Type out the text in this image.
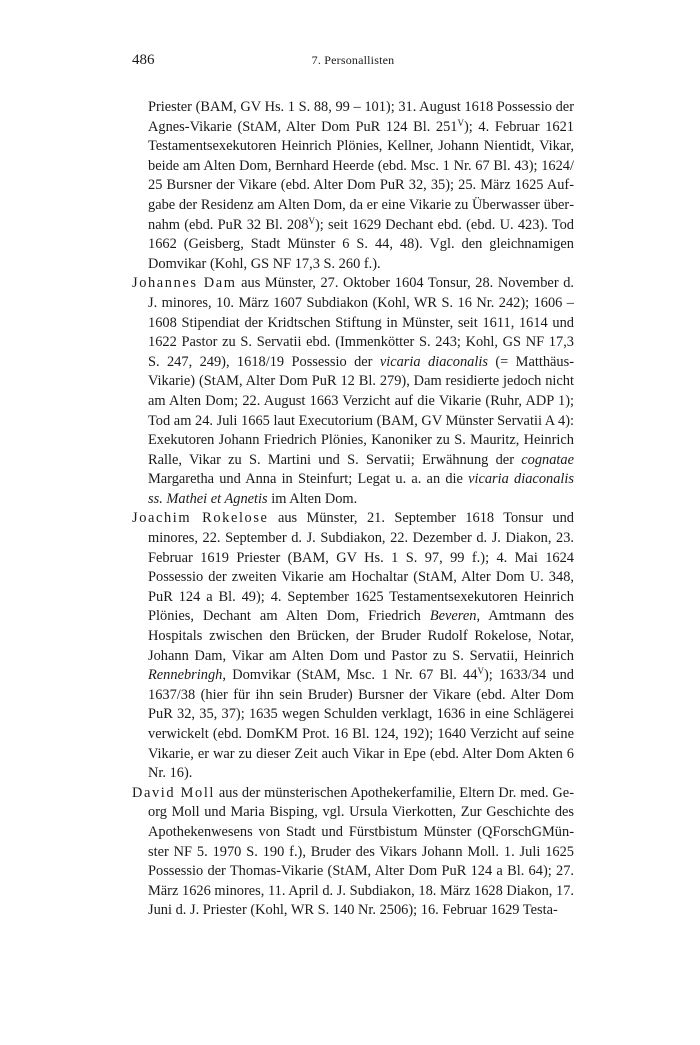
486	7. Personallisten

Priester (BAM, GV Hs. 1 S. 88, 99 – 101); 31. August 1618 Possessio der Agnes-Vikarie (StAM, Alter Dom PuR 124 Bl. $251^V$); 4. Februar 1621 Testamentsexekutoren Heinrich Plönies, Kellner, Johann Nientidt, Vikar, beide am Alten Dom, Bernhard Heerde (ebd. Msc. 1 Nr. 67 Bl. 43); 1624/ 25 Bursner der Vikare (ebd. Alter Dom PuR 32, 35); 25. März 1625 Aufgabe der Residenz am Alten Dom, da er eine Vikarie zu Überwasser übernahm (ebd. PuR 32 Bl. $208^V$); seit 1629 Dechant ebd. (ebd. U. 423). Tod 1662 (Geisberg, Stadt Münster 6 S. 44, 48). Vgl. den gleichnamigen Domvikar (Kohl, GS NF 17,3 S. 260 f.).

Johannes Dam aus Münster, 27. Oktober 1604 Tonsur, 28. November d. J. minores, 10. März 1607 Subdiakon (Kohl, WR S. 16 Nr. 242); 1606 – 1608 Stipendiat der Kridtschen Stiftung in Münster, seit 1611, 1614 und 1622 Pastor zu S. Servatii ebd. (Immenkötter S. 243; Kohl, GS NF 17,3 S. 247, 249), 1618/19 Possessio der vicaria diaconalis (= Matthäus-Vikarie) (StAM, Alter Dom PuR 12 Bl. 279), Dam residierte jedoch nicht am Alten Dom; 22. August 1663 Verzicht auf die Vikarie (Ruhr, ADP 1); Tod am 24. Juli 1665 laut Executorium (BAM, GV Münster Servatii A 4): Exekutoren Johann Friedrich Plönies, Kanoniker zu S. Mauritz, Heinrich Ralle, Vikar zu S. Martini und S. Servatii; Erwähnung der cognatae Margaretha und Anna in Steinfurt; Legat u. a. an die vicaria diaconalis ss. Mathei et Agnetis im Alten Dom.

Joachim Rokelose aus Münster, 21. September 1618 Tonsur und minores, 22. September d. J. Subdiakon, 22. Dezember d. J. Diakon, 23. Februar 1619 Priester (BAM, GV Hs. 1 S. 97, 99 f.); 4. Mai 1624 Possessio der zweiten Vikarie am Hochaltar (StAM, Alter Dom U. 348, PuR 124 a Bl. 49); 4. September 1625 Testamentsexekutoren Heinrich Plönies, Dechant am Alten Dom, Friedrich Beveren, Amtmann des Hospitals zwischen den Brücken, der Bruder Rudolf Rokelose, Notar, Johann Dam, Vikar am Alten Dom und Pastor zu S. Servatii, Heinrich Rennebringh, Domvikar (StAM, Msc. 1 Nr. 67 Bl. $44^V$); 1633/34 und 1637/38 (hier für ihn sein Bruder) Bursner der Vikare (ebd. Alter Dom PuR 32, 35, 37); 1635 wegen Schulden verklagt, 1636 in eine Schlägerei verwickelt (ebd. DomKM Prot. 16 Bl. 124, 192); 1640 Verzicht auf seine Vikarie, er war zu dieser Zeit auch Vikar in Epe (ebd. Alter Dom Akten 6 Nr. 16).

David Moll aus der münsterischen Apothekerfamilie, Eltern Dr. med. Georg Moll und Maria Bisping, vgl. Ursula Vierkotten, Zur Geschichte des Apothekenwesens von Stadt und Fürstbistum Münster (QForschGMünster NF 5. 1970 S. 190 f.), Bruder des Vikars Johann Moll. 1. Juli 1625 Possessio der Thomas-Vikarie (StAM, Alter Dom PuR 124 a Bl. 64); 27. März 1626 minores, 11. April d. J. Subdiakon, 18. März 1628 Diakon, 17. Juni d. J. Priester (Kohl, WR S. 140 Nr. 2506); 16. Februar 1629 Testa-
